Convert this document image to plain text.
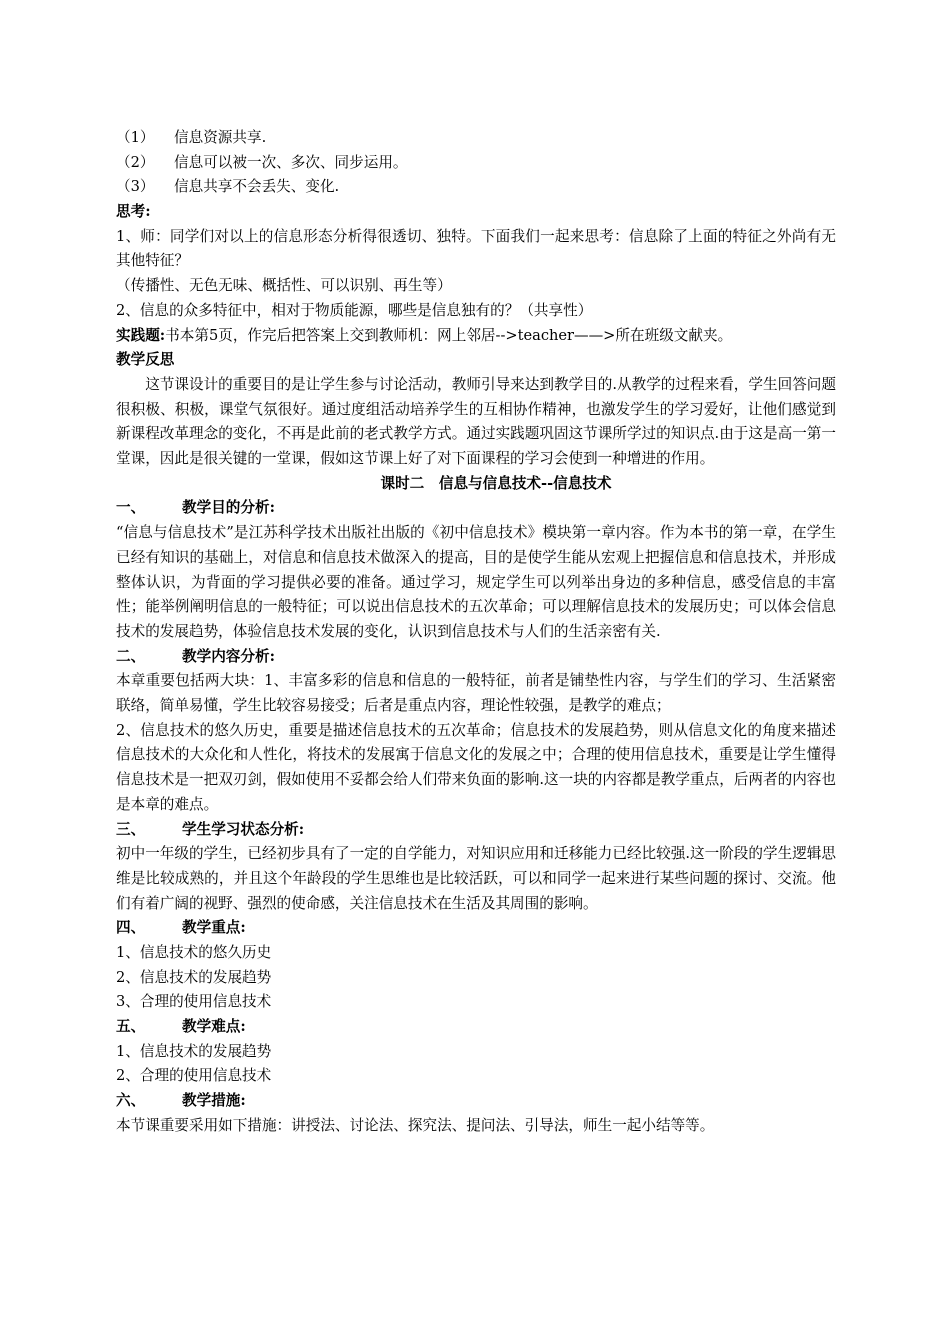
（1） 信息资源共享.
（2） 信息可以被一次、多次、同步运用。
（3） 信息共享不会丢失、变化.
思考:

1、师：同学们对以上的信息形态分析得很透切、独特。下面我们一起来思考：信息除了上面的特征之外尚有无其他特征？

（传播性、无色无味、概括性、可以识别、再生等）
2、信息的众多特征中，相对于物质能源，哪些是信息独有的？（共享性）
实践题:书本第5页，作完后把答案上交到教师机：网上邻居-->teacher——>所在班级文献夹。
教学反思

这节课设计的重要目的是让学生参与讨论活动，教师引导来达到教学目的.从教学的过程来看，学生回答问题很积极、积极，课堂气氛很好。通过度组活动培养学生的互相协作精神，也激发学生的学习爱好，让他们感觉到新课程改革理念的变化，不再是此前的老式教学方式。通过实践题巩固这节课所学过的知识点.由于这是高一第一堂课，因此是很关键的一堂课，假如这节课上好了对下面课程的学习会使到一种增进的作用。

课时二　信息与信息技术--信息技术
一、	教学目的分析:

“信息与信息技术”是江苏科学技术出版社出版的《初中信息技术》模块第一章内容。作为本书的第一章，在学生已经有知识的基础上，对信息和信息技术做深入的提高，目的是使学生能从宏观上把握信息和信息技术，并形成整体认识，为背面的学习提供必要的准备。通过学习，规定学生可以列举出身边的多种信息，感受信息的丰富性；能举例阐明信息的一般特征；可以说出信息技术的五次革命；可以理解信息技术的发展历史；可以体会信息技术的发展趋势，体验信息技术发展的变化，认识到信息技术与人们的生活亲密有关.

二、	教学内容分析:

本章重要包括两大块：1、丰富多彩的信息和信息的一般特征，前者是铺垫性内容，与学生们的学习、生活紧密联络，简单易懂，学生比较容易接受；后者是重点内容，理论性较强，是教学的难点；

2、信息技术的悠久历史，重要是描述信息技术的五次革命；信息技术的发展趋势，则从信息文化的角度来描述信息技术的大众化和人性化，将技术的发展寓于信息文化的发展之中；合理的使用信息技术，重要是让学生懂得信息技术是一把双刃剑，假如使用不妥都会给人们带来负面的影响.这一块的内容都是教学重点，后两者的内容也是本章的难点。

三、	学生学习状态分析:

初中一年级的学生，已经初步具有了一定的自学能力，对知识应用和迁移能力已经比较强.这一阶段的学生逻辑思维是比较成熟的，并且这个年龄段的学生思维也是比较活跃，可以和同学一起来进行某些问题的探讨、交流。他们有着广阔的视野、强烈的使命感，关注信息技术在生活及其周围的影响。

四、	教学重点:
1、信息技术的悠久历史
2、信息技术的发展趋势
3、合理的使用信息技术
五、	教学难点:
1、信息技术的发展趋势
2、合理的使用信息技术
六、	教学措施:

本节课重要采用如下措施：讲授法、讨论法、探究法、提问法、引导法，师生一起小结等等。
